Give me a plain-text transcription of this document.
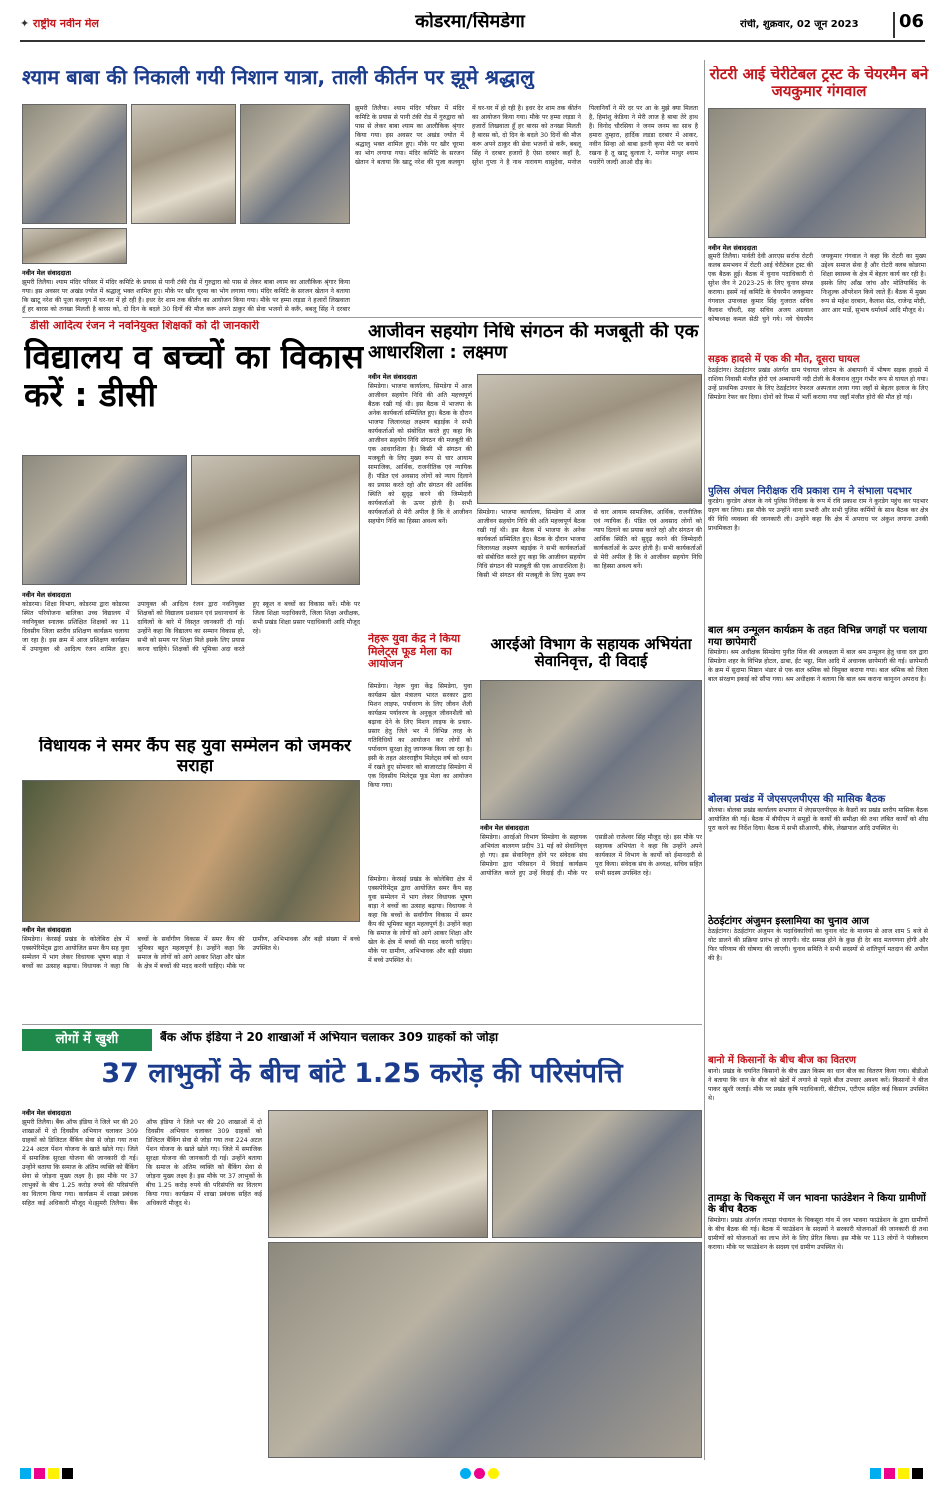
✦ राष्ट्रीय नवीन मेल	कोडरमा/सिमडेगा	रांची, शुक्रवार, 02 जून 2023 06
श्याम बाबा की निकाली गयी निशान यात्रा, ताली कीर्तन पर झूमे श्रद्धालु
नवीन मेल संवाददाता
झुमरी तिलैया। श्याम मंदिर परिसर में मंदिर कमिटि के प्रयास से पानी टंकी रोड में गुरुद्वारा को पास से लेकर बाबा श्याम का आलौकिक श्रृंगार किया गया। इस अवसर पर अखंड ज्योत में श्रद्धालु भक्त शामिल हुए। मौके पर खीर चूरमा का भोग लगाया गया। मंदिर कमिटि के सरजन खेतान ने बताया कि खाटू नरेश की पूजा कलयुग में घर-घर में हो रही है। इधर देर शाम तक कीर्तन का आयोजन किया गया। मौके पर हम्मा लड़डा ने हजारों लिखवाता हूँ हर बारस को तनखा मिलती है बारस को, दो दिन के बदले 30 दिनों की मौज करू अपने ठाकुर की सेवा भजनों से करूँ, बबलू सिंह ने दरबार
झुमरी तिलैया। श्याम मंदिर परिसर में मंदिर कमिटि के प्रयास से पानी टंकी रोड में गुरुद्वारा को पास से लेकर बाबा श्याम का आलौकिक श्रृंगार किया गया। इस अवसर पर अखंड ज्योत में श्रद्धालु भक्त शामिल हुए। मौके पर खीर चूरमा का भोग लगाया गया। मंदिर कमिटि के सरजन खेतान ने बताया कि खाटू नरेश की पूजा कलयुग में घर-घर में हो रही है। इधर देर शाम तक कीर्तन का आयोजन किया गया। मौके पर हम्मा लड़डा ने हजारों लिखवाता हूँ हर बारस को तनखा मिलती है बारस को, दो दिन के बदले 30 दिनों की मौज करू अपने ठाकुर की सेवा भजनों से करूँ, बबलू सिंह ने दरबार हजारों है ऐसा दरबार कहाँ है, सुरेश गुप्ता ने है नाथ नारायण वासुदेवा, मनोज पिलानियाँ ने मेरे दर पर आ के मुझे क्या मिलता है, हिमांशु केडिया ने मेरी लाज है बाबा तेरे हाथ है। विनोद चौरसिया ने जनम जनम का साथ है हमारा तुम्हारा, हार्दिक लडडा दरबार में आकर, नवीन सिन्हा ओ बाबा इतनी कृपा मेरी पर बनाये रखना है तू खाटू बुलाता रे, मनोज माथुर श्याम पधारेंगे जल्दी आओ दौड़ के।
रोटरी आई चेरीटेबल ट्रस्ट के चेयरमैन बने जयकुमार गंगवाल
नवीन मेल संवाददाता
झुमरी तिलैया। पार्वती देवी आरएस सर्राफ रोटरी कलब समभवन में रोटरी आई चेरीटेबल ट्रस्ट की एक बैठक हुई। बैठक में चुनाव पदाधिकारी रो सुरेश जैन ने 2023-25 के लिए चुनाव संपन्न कराया। इसमें नई कमिटि के चेयरमैन जयकुमार गंगवाल उपाध्यक्ष कुमार सिंह गुजरात सचिव कैलाश चौधरी, सह सचिव अजय अग्रवाल कोषाध्यक्ष कमल सेठी चुने गये। नये चेयरमैन जयकुमार गंगवाल ने कहा कि रोटरी का मुख्य उद्देश्य समाज सेवा है और रोटरी क्लब कोडरमा शिक्षा स्वास्थ्य के क्षेत्र में बेहतर कार्य कर रही है। इसके लिए आँख जांच और मोतियाबिंद के निःशुल्क ऑपरेशन किये जाते हैं। बैठक में मुख्य रूप से महेश दरबान, कैलाश सेठ, राजेन्द्र मोदी, आर आर मार्डे, सुभाष धर्माधर्म आदि मौजूद थे।
डीसी आदित्य रंजन ने नवनियुक्त शिक्षकों को दी जानकारी
विद्यालय व बच्चों का विकास करें : डीसी
नवीन मेल संवाददाता
कोडरमा। शिक्षा विभाग, कोडरमा द्वारा कोडरमा स्थित परियोजना बालिका उच्च विद्यालय में नवनियुक्त स्नातक प्रशिक्षित शिक्षकों का 11 दिवसीय जिला स्तरीय प्रशिक्षण कार्यक्रम चलाया जा रहा है। इस क्रम में आज प्रशिक्षण कार्यक्रम में उपायुक्त श्री आदित्य रंजन शामिल हुए। उपायुक्त श्री आदित्य रंजन द्वारा नवनियुक्त शिक्षकों को विद्यालय प्रशासन एवं प्रधानाचार्य के दायित्वों के बारे में विस्तृत जानकारी दी गई। उन्होंने कहा कि विद्यालय का सम्मान विकास हो, सभी को समय पर शिक्षा मिले इसके लिए प्रयास करना चाहिये। शिक्षकों की भूमिका अदा करते हुए स्कूल व बच्चों का विकास करें। मौके पर जिला शिक्षा पदाधिकारी, जिला शिक्षा अधीक्षक, सभी प्रखंड शिक्षा प्रसार पदाधिकारी आदि मौजूद रहे।
आजीवन सहयोग निधि संगठन की मजबूती की एक आधारशिला : लक्ष्मण
नवीन मेल संवाददाता
सिमडेगा। भाजपा कार्यालय, सिमडेगा में आज आजीवन सहयोग निधि की अति महत्त्वपूर्ण बैठक रखी गई थी। इस बैठक में भाजपा के अनेक कार्यकर्ता सम्मिलित हुए। बैठक के दौरान भाजपा जिलाध्यक्ष लक्ष्मण बड़ाईक ने सभी कार्यकर्ताओं को संबोधित करते हुए कहा कि आजीवन सहयोग निधि संगठन की मजबूती की एक आधारशिला है। किसी भी संगठन की मजबूती के लिए मुख्य रूप से चार आयाम सामाजिक, आर्थिक, राजनीतिक एवं न्यायिक हैं। पंडित एवं अवसाद लोगों को न्याय दिलाने का प्रयास करते रहो और संगठन की आर्थिक स्थिति को सुदृढ़ करने की जिम्मेदारी कार्यकर्ताओं के ऊपर होती है। सभी कार्यकर्ताओं से मेरी अपील है कि वे आजीवन सहयोग निधि का हिस्सा अवश्य बनें।
सिमडेगा। भाजपा कार्यालय, सिमडेगा में आज आजीवन सहयोग निधि की अति महत्त्वपूर्ण बैठक रखी गई थी। इस बैठक में भाजपा के अनेक कार्यकर्ता सम्मिलित हुए। बैठक के दौरान भाजपा जिलाध्यक्ष लक्ष्मण बड़ाईक ने सभी कार्यकर्ताओं को संबोधित करते हुए कहा कि आजीवन सहयोग निधि संगठन की मजबूती की एक आधारशिला है। किसी भी संगठन की मजबूती के लिए मुख्य रूप से चार आयाम सामाजिक, आर्थिक, राजनीतिक एवं न्यायिक हैं। पंडित एवं अवसाद लोगों को न्याय दिलाने का प्रयास करते रहो और संगठन की आर्थिक स्थिति को सुदृढ़ करने की जिम्मेदारी कार्यकर्ताओं के ऊपर होती है। सभी कार्यकर्ताओं से मेरी अपील है कि वे आजीवन सहयोग निधि का हिस्सा अवश्य बनें।
नेहरू युवा केंद्र ने किया मिलेट्स फूड मेला का आयोजन
सिमडेगा। नेहरू युवा केंद्र सिमडेगा, युवा कार्यक्रम खेल मंत्रालय भारत सरकार द्वारा मिशन लाइफ, पर्यावरण के लिए जीवन शैली कार्यक्रम पर्यावरण के अनुकूल जीवनशैली को बढ़ावा देने के लिए मिशन लाइफ के प्रचार-प्रसार हेतु जिले भर में विभिन्न तरह के गतिविधियों का आयोजन कर लोगों को पर्यावरण सुरक्षा हेतु जागरूक किया जा रहा है। इसी के तहत अंतरराष्ट्रीय मिलेट्स वर्ष को ध्यान में रखते हुए सोमवार को बाजारटांड़ सिमडेगा में एक दिवसीय मिलेट्स फूड मेला का आयोजन किया गया।
आरईओ विभाग के सहायक अभियंता सेवानिवृत्त, दी विदाई
नवीन मेल संवाददाता
सिमडेगा। आरईओ विभाग सिमडेगा के सहायक अभियंता बालगण प्रदीप 31 मई को सेवानिवृत्त हो गए। इस सेवानिवृत्त होने पर संवेदक संघ सिमडेगा द्वारा परिसदन में विदाई कार्यक्रम आयोजित करते हुए उन्हें विदाई दी। मौके पर एसडीओ राजेश्वर सिंह मौजूद रहे। इस मौके पर सहायक अभियंता ने कहा कि उन्होंने अपने कार्यकाल में विभाग के कार्यों को ईमानदारी से पूरा किया। संवेदक संघ के अध्यक्ष, सचिव सहित सभी सदस्य उपस्थित रहे।
विधायक ने समर कैंप सह युवा सम्मेलन को जमकर सराहा
नवीन मेल संवाददाता
सिमडेगा। केरसई प्रखंड के कोलेबिरा क्षेत्र में एक्सपेरिमेंट्स द्वारा आयोजित समर कैंप सह युवा सम्मेलन में भाग लेकर विधायक भूषण बाड़ा ने बच्चों का उत्साह बढ़ाया। विधायक ने कहा कि बच्चों के सर्वांगीण विकास में समर कैंप की भूमिका बहुत महत्वपूर्ण है। उन्होंने कहा कि समाज के लोगों को आगे आकर शिक्षा और खेल के क्षेत्र में बच्चों की मदद करनी चाहिए। मौके पर ग्रामीण, अभिभावक और बड़ी संख्या में बच्चे उपस्थित थे।
सिमडेगा। केरसई प्रखंड के कोलेबिरा क्षेत्र में एक्सपेरिमेंट्स द्वारा आयोजित समर कैंप सह युवा सम्मेलन में भाग लेकर विधायक भूषण बाड़ा ने बच्चों का उत्साह बढ़ाया। विधायक ने कहा कि बच्चों के सर्वांगीण विकास में समर कैंप की भूमिका बहुत महत्वपूर्ण है। उन्होंने कहा कि समाज के लोगों को आगे आकर शिक्षा और खेल के क्षेत्र में बच्चों की मदद करनी चाहिए। मौके पर ग्रामीण, अभिभावक और बड़ी संख्या में बच्चे उपस्थित थे।
लोगों में खुशी	बैंक ऑफ इंडिया ने 20 शाखाओं में अभियान चलाकर 309 ग्राहकों को जोड़ा
37 लाभुकों के बीच बांटे 1.25 करोड़ की परिसंपत्ति
नवीन मेल संवाददाता
झुमरी तिलैया। बैंक ऑफ इंडिया ने जिले भर की 20 शाखाओं में दो दिवसीय अभियान चलाकर 309 ग्राहकों को डिजिटल बैंकिंग सेवा से जोड़ा गया तथा 224 अटल पेंशन योजना के खाते खोले गए। जिले में समाजिक सुरक्षा योजना की जानकारी दी गई। उन्होंने बताया कि समाज के अंतिम व्यक्ति को बैंकिंग सेवा से जोड़ना मुख्य लक्ष्य है। इस मौके पर 37 लाभुकों के बीच 1.25 करोड़ रुपये की परिसंपत्ति का वितरण किया गया। कार्यक्रम में शाखा प्रबंधक सहित कई अधिकारी मौजूद थे।झुमरी तिलैया। बैंक ऑफ इंडिया ने जिले भर की 20 शाखाओं में दो दिवसीय अभियान चलाकर 309 ग्राहकों को डिजिटल बैंकिंग सेवा से जोड़ा गया तथा 224 अटल पेंशन योजना के खाते खोले गए। जिले में समाजिक सुरक्षा योजना की जानकारी दी गई। उन्होंने बताया कि समाज के अंतिम व्यक्ति को बैंकिंग सेवा से जोड़ना मुख्य लक्ष्य है। इस मौके पर 37 लाभुकों के बीच 1.25 करोड़ रुपये की परिसंपत्ति का वितरण किया गया। कार्यक्रम में शाखा प्रबंधक सहित कई अधिकारी मौजूद थे।
सड़क हादसे में एक की मौत, दूसरा घायल
ठेठईटांगर। ठेठईटांगर प्रखंड अंतर्गत ग्राम पंचायत जोराम के अंबापानी में भीषण सड़क हादसे में राशिया निवासी मंजीत होरो एवं अम्बापानी नदी टोली के बैजनाथ लुगुन गंभीर रूप से घायल हो गया। उन्हें प्राथमिक उपचार के लिए ठेठईटांगर रेफरल अस्पताल लाया गया जहाँ से बेहतर इलाज के लिए सिमडेगा रेफर कर दिया। दोनों को रिम्स में भर्ती कराया गया जहाँ मंजीत होरो की मौत हो गई।
पुलिस अंचल निरीक्षक रवि प्रकाश राम ने संभाला पदभार
कुरडेग। कुरडेग अंचल के नये पुलिस निरीक्षक के रूप में रवि प्रकाश राम ने कुरडेग पहुंच कर पदभार ग्रहण कर लिया। इस मौके पर उन्होंने थाना प्रभारी और सभी पुलिस कर्मियों के साथ बैठक कर क्षेत्र की विधि व्यवस्था की जानकारी ली। उन्होंने कहा कि क्षेत्र में अपराध पर अंकुश लगाना उनकी प्राथमिकता है।
बाल श्रम उन्मूलन कार्यक्रम के तहत विभिन्न जगहों पर चलाया गया छापेमारी
सिमडेगा। श्रम अधीक्षक सिमडेगा पुनीत मिंज की अध्यक्षता में बाल श्रम उन्मूलन हेतु धावा दल द्वारा सिमडेगा शहर के विभिन्न होटल, ढाबा, ईंट भट्ठा, मिल आदि में अचानक छापेमारी की गई। छापेमारी के क्रम में सुदामा मिष्ठान भंडार से एक बाल श्रमिक को विमुक्त कराया गया। बाल श्रमिक को जिला बाल संरक्षण इकाई को सौंपा गया। श्रम अधीक्षक ने बताया कि बाल श्रम कराना कानूनन अपराध है।
बोलबा प्रखंड में जेएसएलपीएस की मासिक बैठक
बोलबा। बोलबा प्रखंड कार्यालय सभागार में जेएसएलपीएस के कैडरों का प्रखंड स्तरीय मासिक बैठक आयोजित की गई। बैठक में बीपीएम ने समूहों के कार्यों की समीक्षा की तथा लंबित कार्यों को शीघ्र पूरा करने का निर्देश दिया। बैठक में सभी सीआरपी, बीके, लेखापाल आदि उपस्थित थे।
ठेठईटांगर अंजुमन इस्लामिया का चुनाव आज
ठेठईटांगर। ठेठईटांगर अंजुमन के पदाधिकारियों का चुनाव वोट के माध्यम से आज शाम 5 बजे से वोट डालने की प्रक्रिया प्रारंभ हो जाएगी। वोट सम्पन्न होने के कुछ ही देर बाद मतगणना होगी और फिर परिणाम की घोषणा की जाएगी। चुनाव समिति ने सभी सदस्यों से शांतिपूर्ण मतदान की अपील की है।
बानो में किसानों के बीच बीज का वितरण
बानो। प्रखंड के चयनित किसानों के बीच उन्नत किस्म का धान बीज का वितरण किया गया। बीडीओ ने बताया कि धान के बीज को खेतों में लगाने से पहले बीज उपचार अवश्य करें। किसानों ने बीज पाकर खुशी जताई। मौके पर प्रखंड कृषि पदाधिकारी, बीटीएम, एटीएम सहित कई किसान उपस्थित थे।
तामड़ा के चिकसूरा में जन भावना फाउंडेशन ने किया ग्रामीणों के बीच बैठक
सिमडेगा। प्रखंड अंतर्गत तामड़ा पंचायत के चिकसूरा गांव में जन भावना फाउंडेशन के द्वारा ग्रामीणों के बीच बैठक की गई। बैठक में फाउंडेशन के सदस्यों ने सरकारी योजनाओं की जानकारी दी तथा ग्रामीणों को योजनाओं का लाभ लेने के लिए प्रेरित किया। इस मौके पर 113 लोगों ने पंजीकरण कराया। मौके पर फाउंडेशन के सदस्य एवं ग्रामीण उपस्थित थे।
